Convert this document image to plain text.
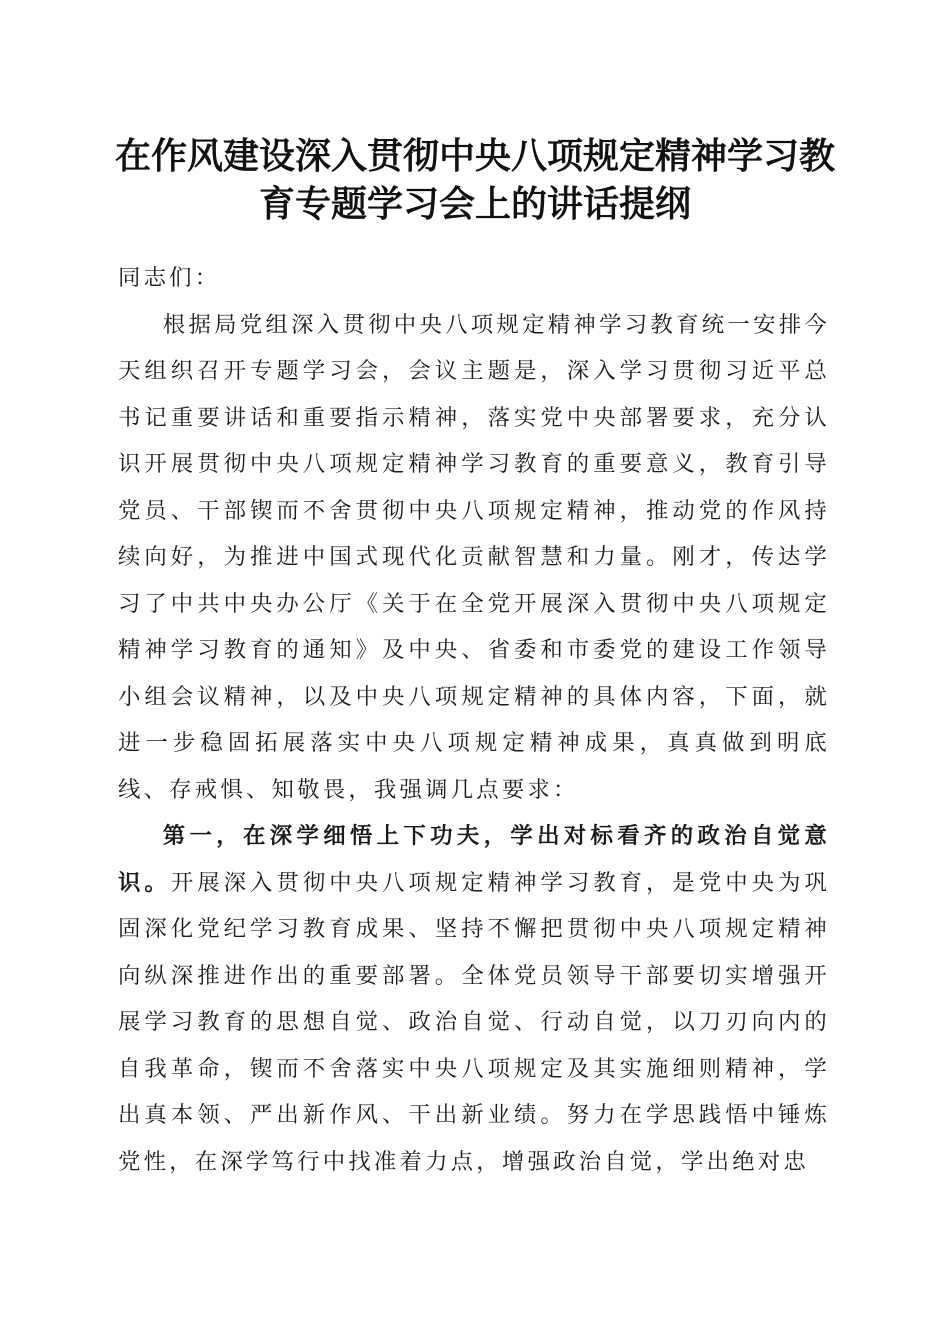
在作风建设深入贯彻中央八项规定精神学习教育专题学习会上的讲话提纲

同志们：

根据局党组深入贯彻中央八项规定精神学习教育统一安排今天组织召开专题学习会，会议主题是，深入学习贯彻习近平总书记重要讲话和重要指示精神，落实党中央部署要求，充分认识开展贯彻中央八项规定精神学习教育的重要意义，教育引导党员、干部锲而不舍贯彻中央八项规定精神，推动党的作风持续向好，为推进中国式现代化贡献智慧和力量。刚才，传达学习了中共中央办公厅《关于在全党开展深入贯彻中央八项规定精神学习教育的通知》及中央、省委和市委党的建设工作领导小组会议精神，以及中央八项规定精神的具体内容，下面，就进一步稳固拓展落实中央八项规定精神成果，真真做到明底线、存戒惧、知敬畏，我强调几点要求：

第一，在深学细悟上下功夫，学出对标看齐的政治自觉意识。开展深入贯彻中央八项规定精神学习教育，是党中央为巩固深化党纪学习教育成果、坚持不懈把贯彻中央八项规定精神向纵深推进作出的重要部署。全体党员领导干部要切实增强开展学习教育的思想自觉、政治自觉、行动自觉，以刀刃向内的自我革命，锲而不舍落实中央八项规定及其实施细则精神，学出真本领、严出新作风、干出新业绩。努力在学思践悟中锤炼党性，在深学笃行中找准着力点，增强政治自觉，学出绝对忠
